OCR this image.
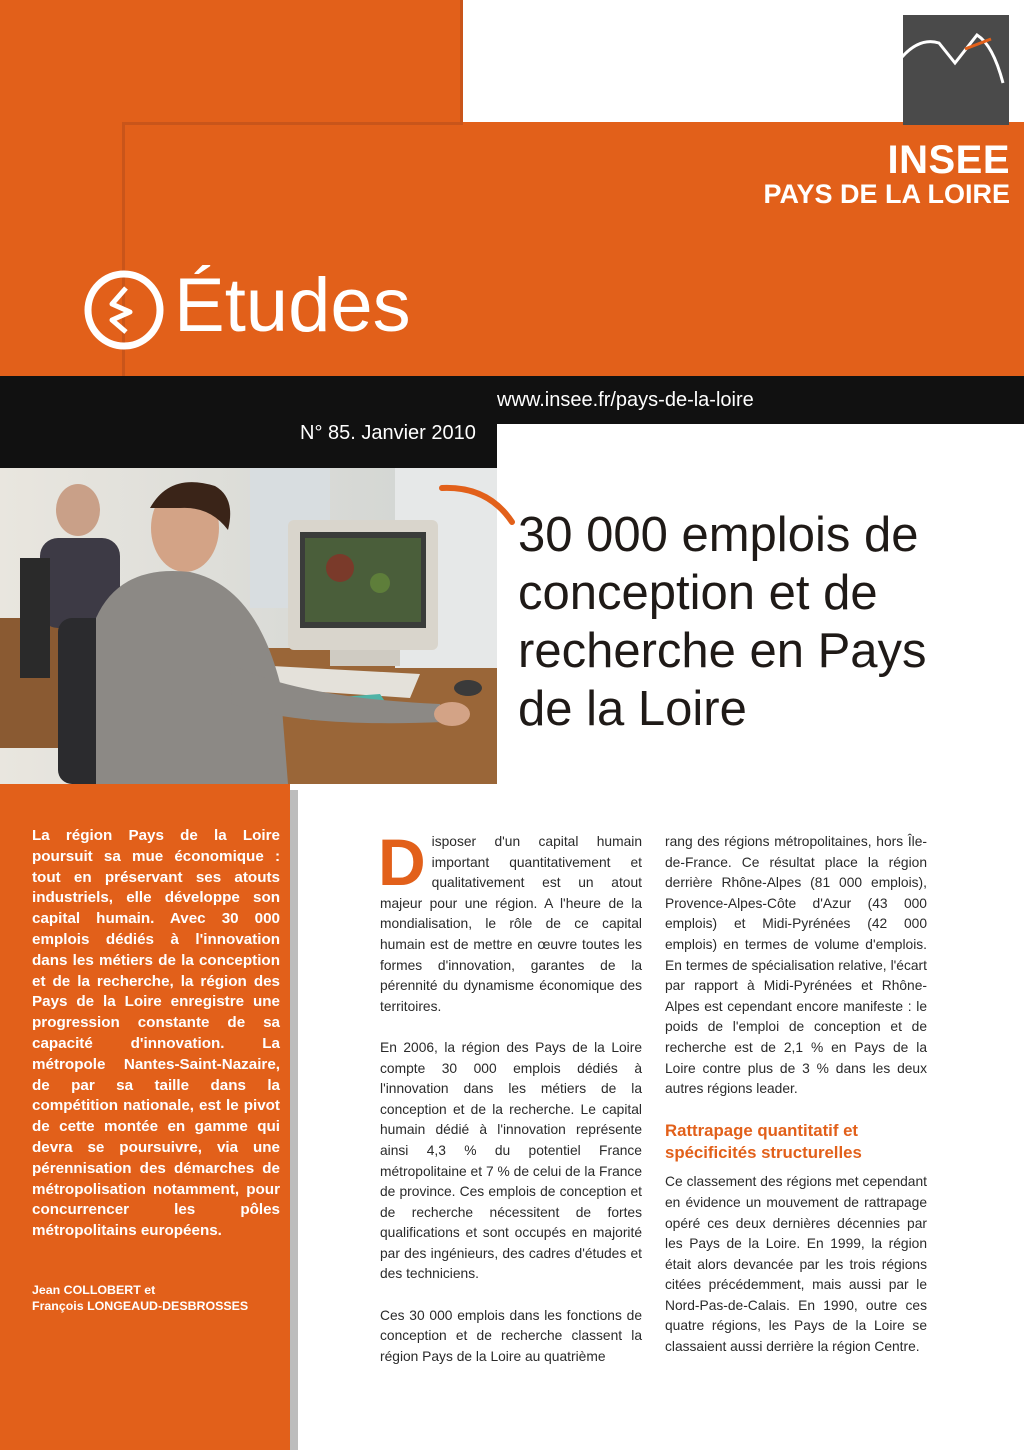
INSEE
PAYS DE LA LOIRE
Études
www.insee.fr/pays-de-la-loire
N° 85. Janvier 2010
30 000 emplois de conception et de recherche en Pays de la Loire
La région Pays de la Loire poursuit sa mue économique : tout en préservant ses atouts industriels, elle développe son capital humain. Avec 30 000 emplois dédiés à l'innovation dans les métiers de la conception et de la recherche, la région des Pays de la Loire enregistre une progression constante de sa capacité d'innovation. La métropole Nantes-Saint-Nazaire, de par sa taille dans la compétition nationale, est le pivot de cette montée en gamme qui devra se poursuivre, via une pérennisation des démarches de métropolisation notamment, pour concurrencer les pôles métropolitains européens.
Jean COLLOBERT et
François LONGEAUD-DESBROSSES

Disposer d'un capital humain important quantitativement et qualitativement est un atout majeur pour une région. A l'heure de la mondialisation, le rôle de ce capital humain est de mettre en œuvre toutes les formes d'innovation, garantes de la pérennité du dynamisme économique des territoires.

En 2006, la région des Pays de la Loire compte 30 000 emplois dédiés à l'innovation dans les métiers de la conception et de la recherche. Le capital humain dédié à l'innovation représente ainsi 4,3 % du potentiel France métropolitaine et 7 % de celui de la France de province. Ces emplois de conception et de recherche nécessitent de fortes qualifications et sont occupés en majorité par des ingénieurs, des cadres d'études et des techniciens.

Ces 30 000 emplois dans les fonctions de conception et de recherche classent la région Pays de la Loire au quatrième

rang des régions métropolitaines, hors Île-de-France. Ce résultat place la région derrière Rhône-Alpes (81 000 emplois), Provence-Alpes-Côte d'Azur (43 000 emplois) et Midi-Pyrénées (42 000 emplois) en termes de volume d'emplois. En termes de spécialisation relative, l'écart par rapport à Midi-Pyrénées et Rhône-Alpes est cependant encore manifeste : le poids de l'emploi de conception et de recherche est de 2,1 % en Pays de la Loire contre plus de 3 % dans les deux autres régions leader.

Rattrapage quantitatif et spécificités structurelles

Ce classement des régions met cependant en évidence un mouvement de rattrapage opéré ces deux dernières décennies par les Pays de la Loire. En 1999, la région était alors devancée par les trois régions citées précédemment, mais aussi par le Nord-Pas-de-Calais. En 1990, outre ces quatre régions, les Pays de la Loire se classaient aussi derrière la région Centre.
